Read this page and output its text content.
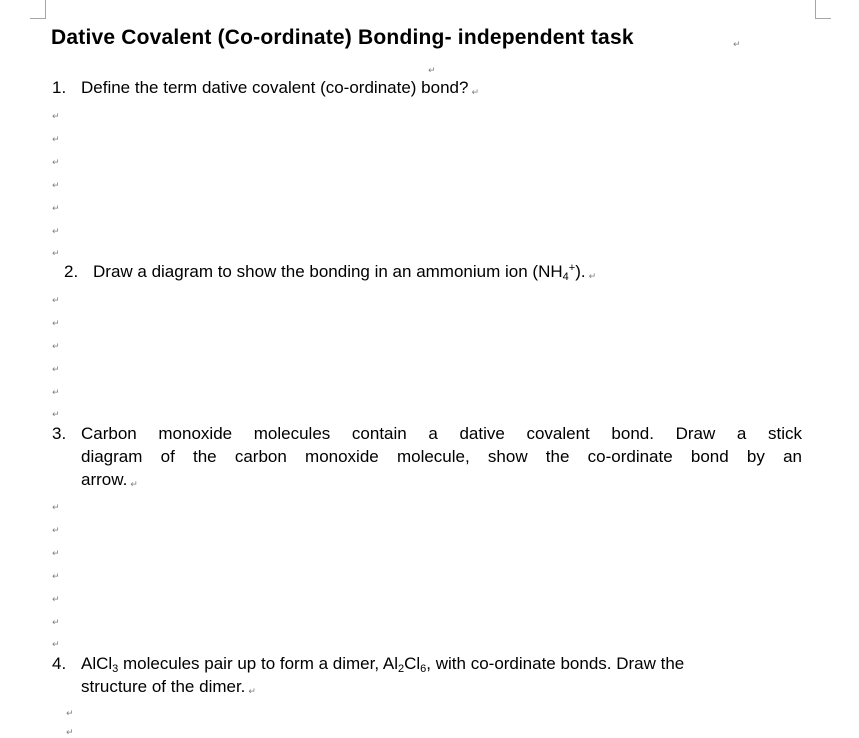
Dative Covalent (Co-ordinate) Bonding- independent task	↵
↵
1. Define the term dative covalent (co-ordinate) bond? ↵
↵
↵
↵
↵
↵
↵
↵
2. Draw a diagram to show the bonding in an ammonium ion $(NH_4^+)$. ↵
↵
↵
↵
↵
↵
↵
3. Carbon monoxide molecules contain a dative covalent bond. Draw a stick
diagram of the carbon monoxide molecule, show the co-ordinate bond by an
arrow. ↵
↵
↵
↵
↵
↵
↵
↵
4. AlCl$_3$ molecules pair up to form a dimer, $Al_2Cl_6$, with co-ordinate bonds. Draw the
structure of the dimer. ↵
↵
↵
